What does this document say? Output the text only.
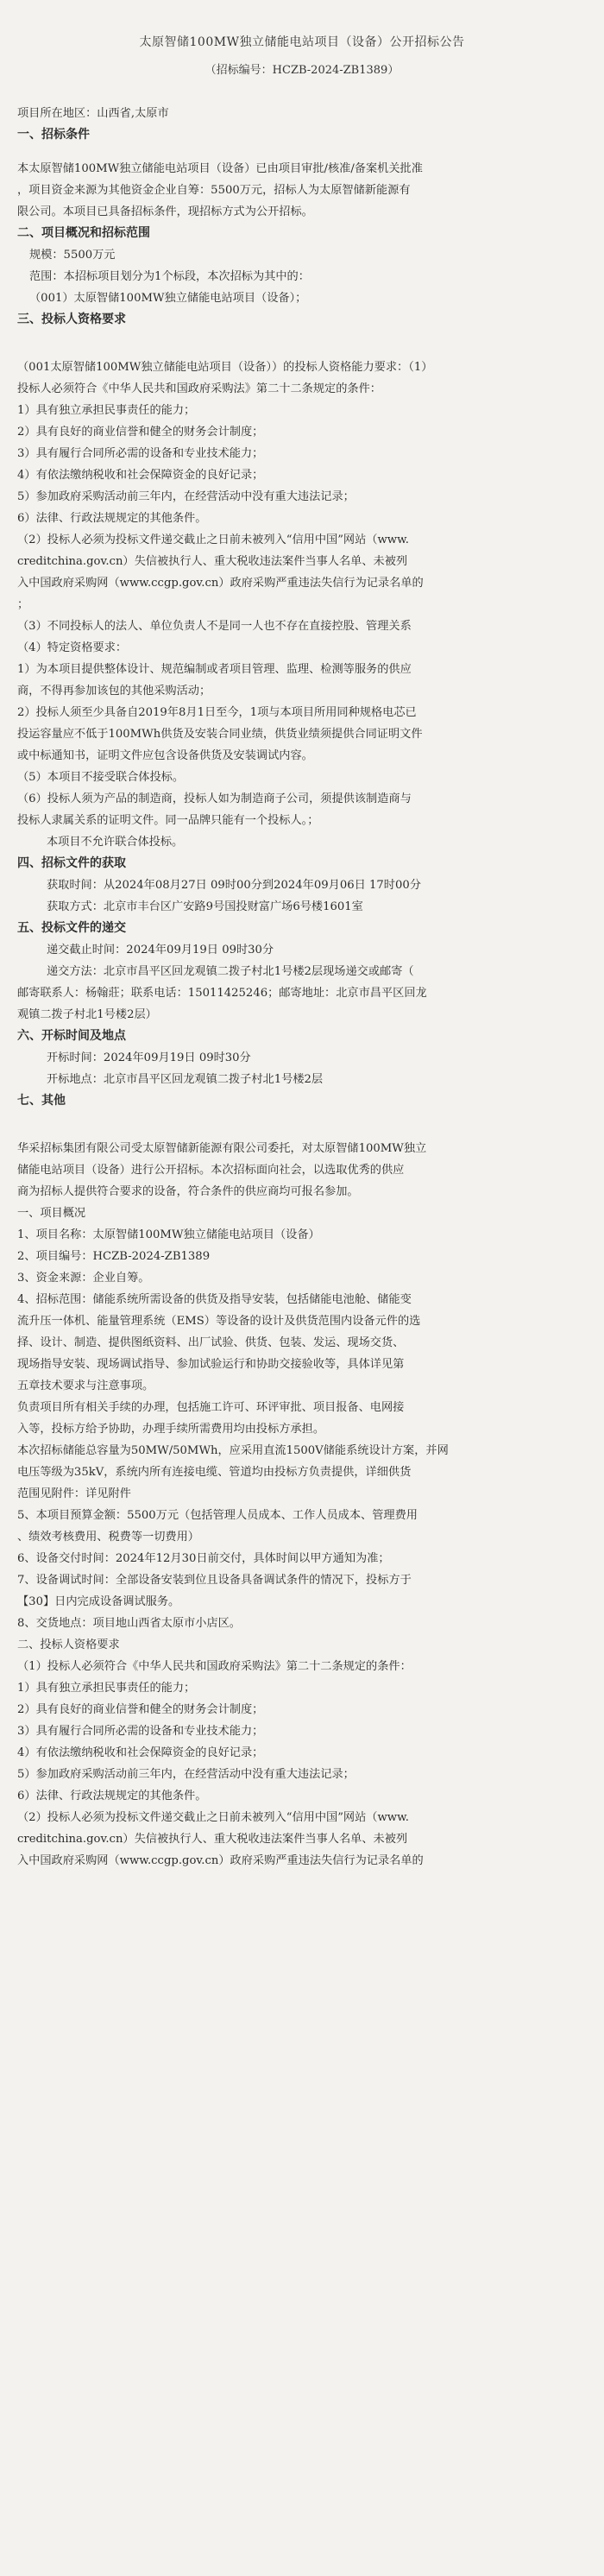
太原智储100MW独立储能电站项目（设备）公开招标公告
（招标编号：HCZB-2024-ZB1389）

项目所在地区：山西省,太原市

一、招标条件

本太原智储100MW独立储能电站项目（设备）已由项目审批/核准/备案机关批准

，项目资金来源为其他资金企业自筹：5500万元，招标人为太原智储新能源有

限公司。本项目已具备招标条件，现招标方式为公开招标。

二、项目概况和招标范围

规模：5500万元

范围：本招标项目划分为1个标段，本次招标为其中的：

（001）太原智储100MW独立储能电站项目（设备）；

三、投标人资格要求

（001太原智储100MW独立储能电站项目（设备））的投标人资格能力要求：（1）

投标人必须符合《中华人民共和国政府采购法》第二十二条规定的条件：

1）具有独立承担民事责任的能力；

2）具有良好的商业信誉和健全的财务会计制度；

3）具有履行合同所必需的设备和专业技术能力；

4）有依法缴纳税收和社会保障资金的良好记录；

5）参加政府采购活动前三年内，在经营活动中没有重大违法记录；

6）法律、行政法规规定的其他条件。

（2）投标人必须为投标文件递交截止之日前未被列入“信用中国”网站（www.

creditchina.gov.cn）失信被执行人、重大税收违法案件当事人名单、未被列

入中国政府采购网（www.ccgp.gov.cn）政府采购严重违法失信行为记录名单的

；

（3）不同投标人的法人、单位负责人不是同一人也不存在直接控股、管理关系

（4）特定资格要求：

1）为本项目提供整体设计、规范编制或者项目管理、监理、检测等服务的供应

商，不得再参加该包的其他采购活动；

2）投标人须至少具备自2019年8月1日至今，1项与本项目所用同种规格电芯已

投运容量应不低于100MWh供货及安装合同业绩，供货业绩须提供合同证明文件

或中标通知书，证明文件应包含设备供货及安装调试内容。

（5）本项目不接受联合体投标。

（6）投标人须为产品的制造商，投标人如为制造商子公司，须提供该制造商与

投标人隶属关系的证明文件。同一品牌只能有一个投标人。；

本项目不允许联合体投标。

四、招标文件的获取

获取时间：从2024年08月27日 09时00分到2024年09月06日 17时00分

获取方式：北京市丰台区广安路9号国投财富广场6号楼1601室

五、投标文件的递交

递交截止时间：2024年09月19日 09时30分

递交方法：北京市昌平区回龙观镇二拨子村北1号楼2层现场递交或邮寄（

邮寄联系人：杨翰莊；联系电话：15011425246；邮寄地址：北京市昌平区回龙

观镇二拨子村北1号楼2层）

六、开标时间及地点

开标时间：2024年09月19日 09时30分

开标地点：北京市昌平区回龙观镇二拨子村北1号楼2层

七、其他

华采招标集团有限公司受太原智储新能源有限公司委托，对太原智储100MW独立

储能电站项目（设备）进行公开招标。本次招标面向社会，以选取优秀的供应

商为招标人提供符合要求的设备，符合条件的供应商均可报名参加。

一、项目概况

1、项目名称：太原智储100MW独立储能电站项目（设备）

2、项目编号：HCZB-2024-ZB1389

3、资金来源：企业自筹。

4、招标范围：储能系统所需设备的供货及指导安装，包括储能电池舱、储能变

流升压一体机、能量管理系统（EMS）等设备的设计及供货范围内设备元件的选

择、设计、制造、提供图纸资料、出厂试验、供货、包装、发运、现场交货、

现场指导安装、现场调试指导、参加试验运行和协助交接验收等，具体详见第

五章技术要求与注意事项。

负责项目所有相关手续的办理，包括施工许可、环评审批、项目报备、电网接

入等，投标方给予协助，办理手续所需费用均由投标方承担。

本次招标储能总容量为50MW/50MWh，应采用直流1500V储能系统设计方案，并网

电压等级为35kV，系统内所有连接电缆、管道均由投标方负责提供，详细供货

范围见附件：详见附件

5、本项目预算金额：5500万元（包括管理人员成本、工作人员成本、管理费用

、绩效考核费用、税费等一切费用）

6、设备交付时间：2024年12月30日前交付，具体时间以甲方通知为准；

7、设备调试时间：全部设备安装到位且设备具备调试条件的情况下，投标方于

【30】日内完成设备调试服务。

8、交货地点：项目地山西省太原市小店区。

二、投标人资格要求

（1）投标人必须符合《中华人民共和国政府采购法》第二十二条规定的条件：

1）具有独立承担民事责任的能力；

2）具有良好的商业信誉和健全的财务会计制度；

3）具有履行合同所必需的设备和专业技术能力；

4）有依法缴纳税收和社会保障资金的良好记录；

5）参加政府采购活动前三年内，在经营活动中没有重大违法记录；

6）法律、行政法规规定的其他条件。

（2）投标人必须为投标文件递交截止之日前未被列入“信用中国”网站（www.

creditchina.gov.cn）失信被执行人、重大税收违法案件当事人名单、未被列

入中国政府采购网（www.ccgp.gov.cn）政府采购严重违法失信行为记录名单的
